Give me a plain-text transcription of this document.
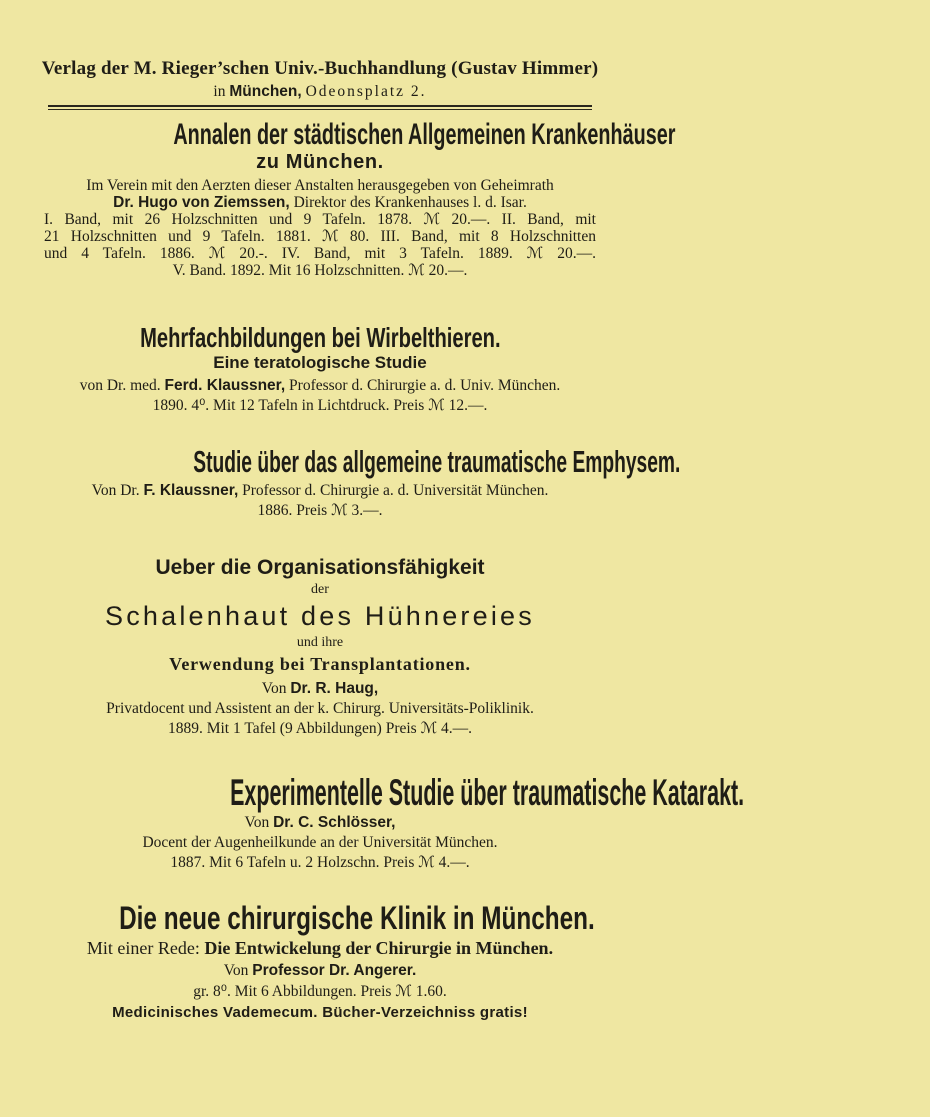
Verlag der M. Rieger’schen Univ.-Buchhandlung (Gustav Himmer)
in München, Odeonsplatz 2.
Annalen der städtischen Allgemeinen Krankenhäuser
zu München.
Im Verein mit den Aerzten dieser Anstalten herausgegeben von Geheimrath
Dr. Hugo von Ziemssen, Direktor des Krankenhauses l. d. Isar.
I. Band, mit 26 Holzschnitten und 9 Tafeln. 1878. ℳ 20.—. II. Band, mit
21 Holzschnitten und 9 Tafeln. 1881. ℳ 80. III. Band, mit 8 Holzschnitten
und 4 Tafeln. 1886. ℳ 20.-. IV. Band, mit 3 Tafeln. 1889. ℳ 20.—.
V. Band. 1892. Mit 16 Holzschnitten. ℳ 20.—.
Mehrfachbildungen bei Wirbelthieren.
Eine teratologische Studie
von Dr. med. Ferd. Klaussner, Professor d. Chirurgie a. d. Univ. München.
1890. 4⁰. Mit 12 Tafeln in Lichtdruck. Preis ℳ 12.—.
Studie über das allgemeine traumatische Emphysem.
Von Dr. F. Klaussner, Professor d. Chirurgie a. d. Universität München.
1886. Preis ℳ 3.—.
Ueber die Organisationsfähigkeit
der
Schalenhaut des Hühnereies
und ihre
Verwendung bei Transplantationen.
Von Dr. R. Haug,
Privatdocent und Assistent an der k. Chirurg. Universitäts-Poliklinik.
1889. Mit 1 Tafel (9 Abbildungen) Preis ℳ 4.—.
Experimentelle Studie über traumatische Katarakt.
Von Dr. C. Schlösser,
Docent der Augenheilkunde an der Universität München.
1887. Mit 6 Tafeln u. 2 Holzschn. Preis ℳ 4.—.
Die neue chirurgische Klinik in München.
Mit einer Rede: Die Entwickelung der Chirurgie in München.
Von Professor Dr. Angerer.
gr. 8⁰. Mit 6 Abbildungen. Preis ℳ 1.60.
Medicinisches Vademecum. Bücher-Verzeichniss gratis!
